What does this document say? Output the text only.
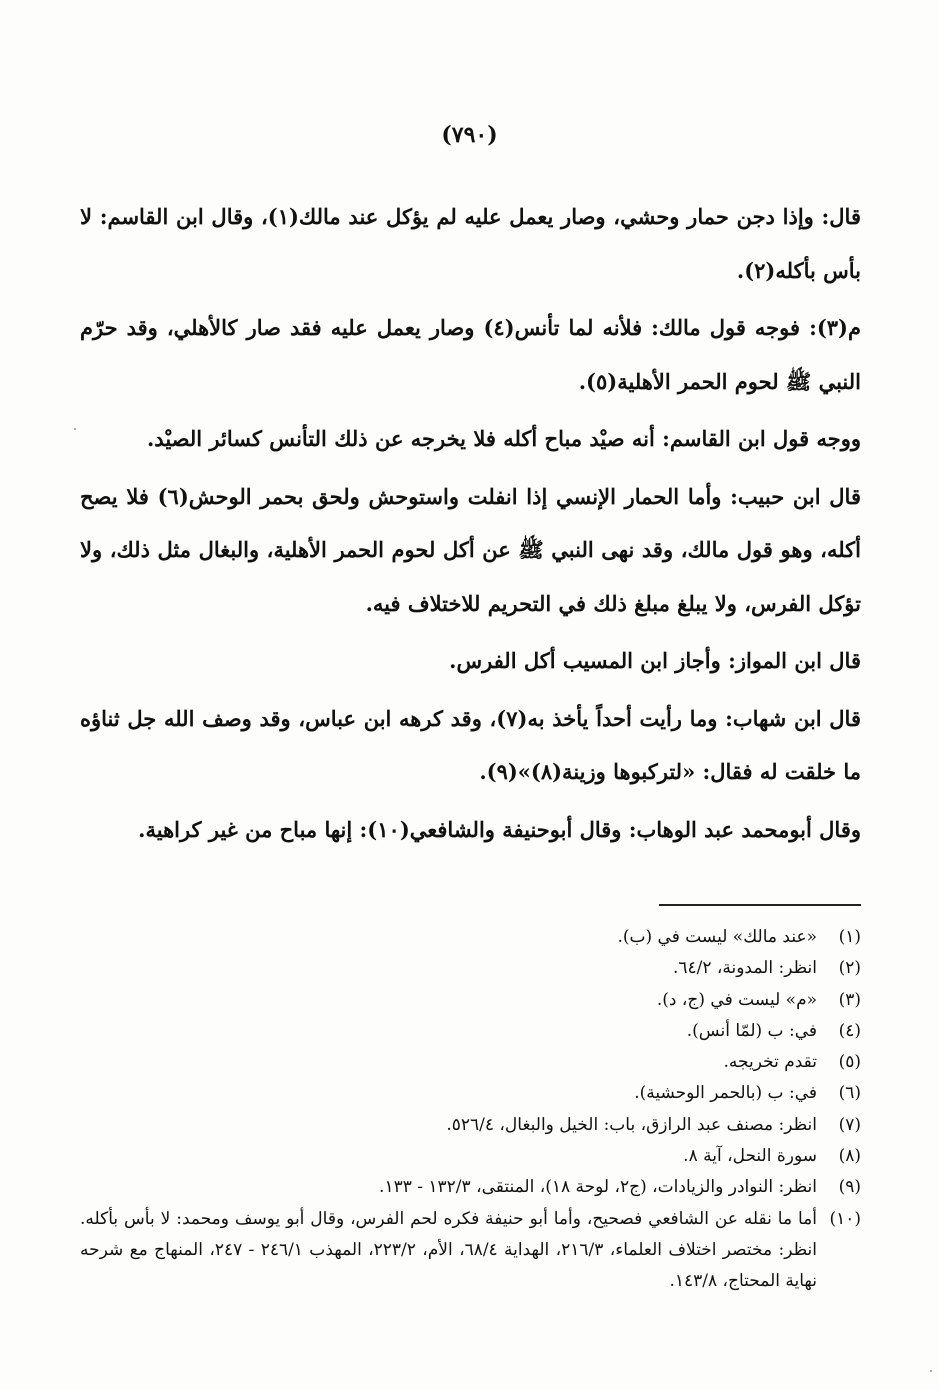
(٧٩٠)

قال: وإذا دجن حمار وحشي، وصار يعمل عليه لم يؤكل عند مالك(١)، وقال ابن القاسم: لا بأس بأكله(٢).

م(٣): فوجه قول مالك: فلأنه لما تأنس(٤) وصار يعمل عليه فقد صار كالأهلي، وقد حرّم النبي ﷺ لحوم الحمر الأهلية(٥).

ووجه قول ابن القاسم: أنه صيْد مباح أكله فلا يخرجه عن ذلك التأنس كسائر الصيْد.

قال ابن حبيب: وأما الحمار الإنسي إذا انفلت واستوحش ولحق بحمر الوحش(٦) فلا يصح أكله، وهو قول مالك، وقد نهى النبي ﷺ عن أكل لحوم الحمر الأهلية، والبغال مثل ذلك، ولا تؤكل الفرس، ولا يبلغ مبلغ ذلك في التحريم للاختلاف فيه.

قال ابن المواز: وأجاز ابن المسيب أكل الفرس.

قال ابن شهاب: وما رأيت أحداً يأخذ به(٧)، وقد كرهه ابن عباس، وقد وصف الله جل ثناؤه ما خلقت له فقال: «لتركبوها وزينة(٨)»(٩).

وقال أبومحمد عبد الوهاب: وقال أبوحنيفة والشافعي(١٠): إنها مباح من غير كراهية.

(١)
«عند مالك» ليست في (ب).
(٢)
انظر: المدونة، ٦٤/٢.
(٣)
«م» ليست في (ج، د).
(٤)
في: ب (لمّا أنس).
(٥)
تقدم تخريجه.
(٦)
في: ب (بالحمر الوحشية).
(٧)
انظر: مصنف عبد الرازق، باب: الخيل والبغال، ٥٢٦/٤.
(٨)
سورة النحل، آية ٨.
(٩)
انظر: النوادر والزيادات، (ج٢، لوحة ١٨)، المنتقى، ١٣٢/٣ - ١٣٣.
(١٠)
أما ما نقله عن الشافعي فصحيح، وأما أبو حنيفة فكره لحم الفرس، وقال أبو يوسف ومحمد: لا بأس بأكله. انظر: مختصر اختلاف العلماء، ٢١٦/٣، الهداية ٦٨/٤، الأم، ٢٢٣/٢، المهذب ٢٤٦/١ - ٢٤٧، المنهاج مع شرحه نهاية المحتاج، ١٤٣/٨.
